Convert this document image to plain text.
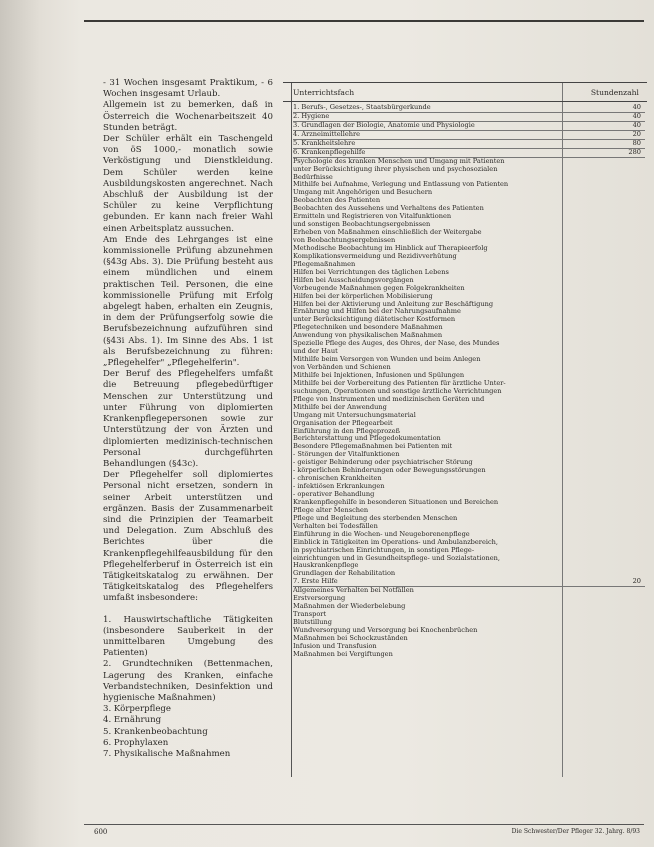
- 31 Wochen insgesamt Praktikum, - 6 Wochen insgesamt Urlaub.

Allgemein ist zu bemerken, daß in Österreich die Wochenarbeitszeit 40 Stunden beträgt.

Der Schüler erhält ein Taschengeld von öS 1000,- monatlich sowie Verköstigung und Dienstkleidung. Dem Schüler werden keine Ausbildungskosten angerechnet. Nach Abschluß der Ausbildung ist der Schüler zu keine Verpflichtung gebunden. Er kann nach freier Wahl einen Arbeitsplatz aussuchen.

Am Ende des Lehrganges ist eine kommissionelle Prüfung abzunehmen (§43g Abs. 3). Die Prüfung besteht aus einem mündlichen und einem praktischen Teil. Personen, die eine kommissionelle Prüfung mit Erfolg abgelegt haben, erhalten ein Zeugnis, in dem der Prüfungserfolg sowie die Berufsbezeichnung aufzuführen sind (§43i Abs. 1). Im Sinne des Abs. 1 ist als Berufsbezeichnung zu führen: „Pflegehelfer" „Pflegehelferin".

Der Beruf des Pflegehelfers umfaßt die Betreuung pflegebedürftiger Menschen zur Unterstützung und unter Führung von diplomierten Krankenpflegepersonen sowie zur Unterstützung der von Ärzten und diplomierten medizinisch-technischen Personal durchgeführten Behandlungen (§43c).

Der Pflegehelfer soll diplomiertes Personal nicht ersetzen, sondern in seiner Arbeit unterstützen und ergänzen. Basis der Zusammenarbeit sind die Prinzipien der Teamarbeit und Delegation. Zum Abschluß des Berichtes über die Krankenpflegehilfeausbildung für den Pflegehelferberuf in Österreich ist ein Tätigkeitskatalog zu erwähnen. Der Tätigkeitskatalog des Pflegehelfers umfaßt insbesondere:

1. Hauswirtschaftliche Tätigkeiten (insbesondere Sauberkeit in der unmittelbaren Umgebung des Patienten)
2. Grundtechniken (Bettenmachen, Lagerung des Kranken, einfache Verbandstechniken, Desinfektion und hygienische Maßnahmen)
3. Körperpflege
4. Ernährung
5. Krankenbeobachtung
6. Prophylaxen
7. Physikalische Maßnahmen
Unterrichtsfach	Stundenzahl
1. Berufs-, Gesetzes-, Staatsbürgerkunde	40
2. Hygiene	40
3. Grundlagen der Biologie, Anatomie und Physiologie	40
4. Arzneimittellehre	20
5. Krankheitslehre	80
6. Krankenpflegehilfe	280
Psychologie des kranken Menschen und Umgang mit Patienten
unter Berücksichtigung ihrer physischen und psychosozialen
Bedürfnisse
Mithilfe bei Aufnahme, Verlegung und Entlassung von Patienten
Umgang mit Angehörigen und Besuchern
Beobachten des Patienten
Beobachten des Aussehens und Verhaltens des Patienten
Ermitteln und Registrieren von Vitalfunktionen
und sonstigen Beobachtungsergebnissen
Erheben von Maßnahmen einschließlich der Weitergabe
von Beobachtungsergebnissen
Methodische Beobachtung im Hinblick auf Therapieerfolg
Komplikationsvermeidung und Rezidivverhütung
Pflegemaßnahmen
Hilfen bei Verrichtungen des täglichen Lebens
Hilfen bei Ausscheidungsvorgängen
Vorbeugende Maßnahmen gegen Folgekrankheiten
Hilfen bei der körperlichen Mobilisierung
Hilfen bei der Aktivierung und Anleitung zur Beschäftigung
Ernährung und Hilfen bei der Nahrungsaufnahme
unter Berücksichtigung diätetischer Kostformen
Pflegetechniken und besondere Maßnahmen
Anwendung von physikalischen Maßnahmen
Spezielle Pflege des Auges, des Ohres, der Nase, des Mundes
und der Haut
Mithilfe beim Versorgen von Wunden und beim Anlegen
von Verbänden und Schienen
Mithilfe bei Injektionen, Infusionen und Spülungen
Mithilfe bei der Vorbereitung des Patienten für ärztliche Unter-
suchungen, Operationen und sonstige ärztliche Verrichtungen
Pflege von Instrumenten und medizinischen Geräten und
Mithilfe bei der Anwendung
Umgang mit Untersuchungsmaterial
Organisation der Pflegearbeit
Einführung in den Pflegeprozeß
Berichterstattung und Pflegedokumentation
Besondere Pflegemaßnahmen bei Patienten mit
- Störungen der Vitalfunktionen
- geistiger Behinderung oder psychiatrischer Störung
- körperlichen Behinderungen oder Bewegungsstörungen
- chronischen Krankheiten
- infektiösen Erkrankungen
- operativer Behandlung
Krankenpflegehilfe in besonderen Situationen und Bereichen
Pflege alter Menschen
Pflege und Begleitung des sterbenden Menschen
Verhalten bei Todesfällen
Einführung in die Wochen- und Neugeborenenpflege
Einblick in Tätigkeiten im Operations- und Ambulanzbereich,
in psychiatrischen Einrichtungen, in sonstigen Pflege-
einrichtungen und in Gesundheitspflege- und Sozialstationen,
Hauskrankenpflege
Grundlagen der Rehabilitation
7. Erste Hilfe	20
Allgemeines Verhalten bei Notfällen
Erstversorgung
Maßnahmen der Wiederbelebung
Transport
Blutstillung
Wundversorgung und Versorgung bei Knochenbrüchen
Maßnahmen bei Schockzuständen
Infusion und Transfusion
Maßnahmen bei Vergiftungen
600	Die Schwester/Der Pfleger 32. Jahrg. 8/93
